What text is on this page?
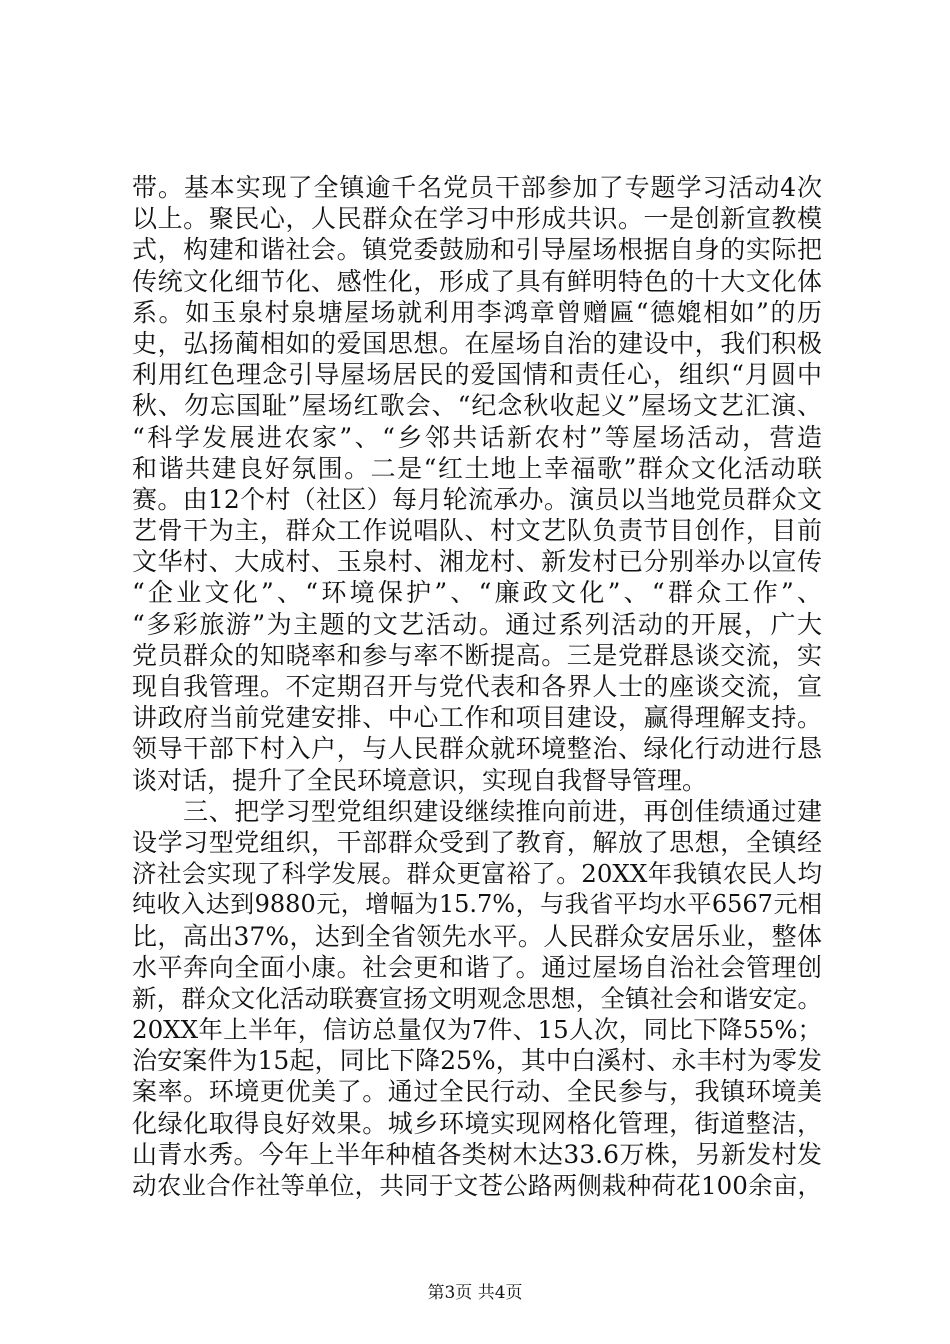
带。基本实现了全镇逾千名党员干部参加了专题学习活动4次
以上。聚民心，人民群众在学习中形成共识。一是创新宣教模
式，构建和谐社会。镇党委鼓励和引导屋场根据自身的实际把
传统文化细节化、感性化，形成了具有鲜明特色的十大文化体
系。如玉泉村泉塘屋场就利用李鸿章曾赠匾“德媲相如”的历
史，弘扬蔺相如的爱国思想。在屋场自治的建设中，我们积极
利用红色理念引导屋场居民的爱国情和责任心，组织“月圆中
秋、勿忘国耻”屋场红歌会、“纪念秋收起义”屋场文艺汇演、
“科学发展进农家”、“乡邻共话新农村”等屋场活动，营造
和谐共建良好氛围。二是“红土地上幸福歌”群众文化活动联
赛。由12个村（社区）每月轮流承办。演员以当地党员群众文
艺骨干为主，群众工作说唱队、村文艺队负责节目创作，目前
文华村、大成村、玉泉村、湘龙村、新发村已分别举办以宣传
“企业文化”、“环境保护”、“廉政文化”、“群众工作”、
“多彩旅游”为主题的文艺活动。通过系列活动的开展，广大
党员群众的知晓率和参与率不断提高。三是党群恳谈交流，实
现自我管理。不定期召开与党代表和各界人士的座谈交流，宣
讲政府当前党建安排、中心工作和项目建设，赢得理解支持。
领导干部下村入户，与人民群众就环境整治、绿化行动进行恳
谈对话，提升了全民环境意识，实现自我督导管理。
　　三、把学习型党组织建设继续推向前进，再创佳绩通过建
设学习型党组织，干部群众受到了教育，解放了思想，全镇经
济社会实现了科学发展。群众更富裕了。20XX年我镇农民人均
纯收入达到9880元，增幅为15.7%，与我省平均水平6567元相
比，高出37%，达到全省领先水平。人民群众安居乐业，整体
水平奔向全面小康。社会更和谐了。通过屋场自治社会管理创
新，群众文化活动联赛宣扬文明观念思想，全镇社会和谐安定。
20XX年上半年，信访总量仅为7件、15人次，同比下降55%；
治安案件为15起，同比下降25%，其中白溪村、永丰村为零发
案率。环境更优美了。通过全民行动、全民参与，我镇环境美
化绿化取得良好效果。城乡环境实现网格化管理，街道整洁，
山青水秀。今年上半年种植各类树木达33.6万株，另新发村发
动农业合作社等单位，共同于文苍公路两侧栽种荷花100余亩，
第3页 共4页
